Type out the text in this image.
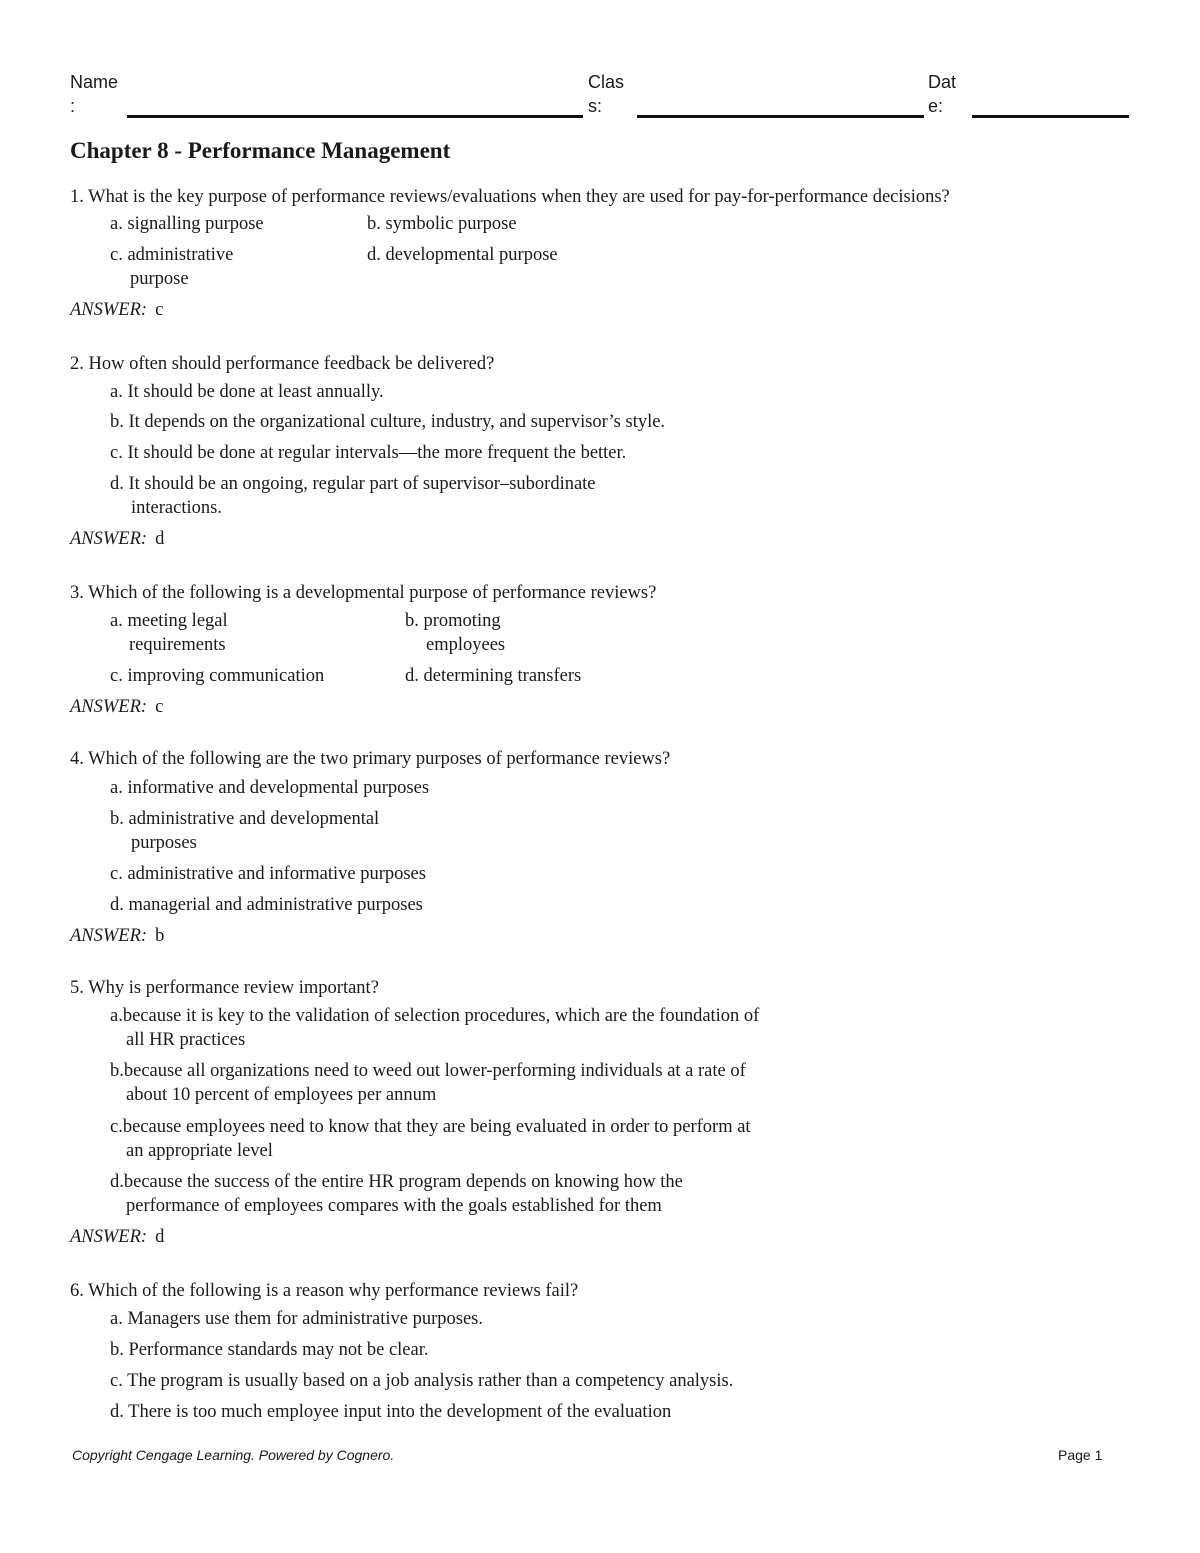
Name
:
Clas
s:
Dat
e:
Chapter 8 - Performance Management
1. What is the key purpose of performance reviews/evaluations when they are used for pay-for-performance decisions?
a. signalling purpose	b. symbolic purpose
c. administrative
purpose
d. developmental purpose
ANSWER: c
2. How often should performance feedback be delivered?
a. It should be done at least annually.
b. It depends on the organizational culture, industry, and supervisor’s style.
c. It should be done at regular intervals—the more frequent the better.
d. It should be an ongoing, regular part of supervisor–subordinate
interactions.
ANSWER: d
3. Which of the following is a developmental purpose of performance reviews?
a. meeting legal
requirements
b. promoting
employees
c. improving communication	d. determining transfers
ANSWER: c
4. Which of the following are the two primary purposes of performance reviews?
a. informative and developmental purposes
b. administrative and developmental
purposes
c. administrative and informative purposes
d. managerial and administrative purposes
ANSWER: b
5. Why is performance review important?
a.because it is key to the validation of selection procedures, which are the foundation of
all HR practices
b.because all organizations need to weed out lower-performing individuals at a rate of
about 10 percent of employees per annum
c.because employees need to know that they are being evaluated in order to perform at
an appropriate level
d.because the success of the entire HR program depends on knowing how the
performance of employees compares with the goals established for them
ANSWER: d
6. Which of the following is a reason why performance reviews fail?
a. Managers use them for administrative purposes.
b. Performance standards may not be clear.
c. The program is usually based on a job analysis rather than a competency analysis.
d. There is too much employee input into the development of the evaluation
Copyright Cengage Learning. Powered by Cognero.	Page 1
